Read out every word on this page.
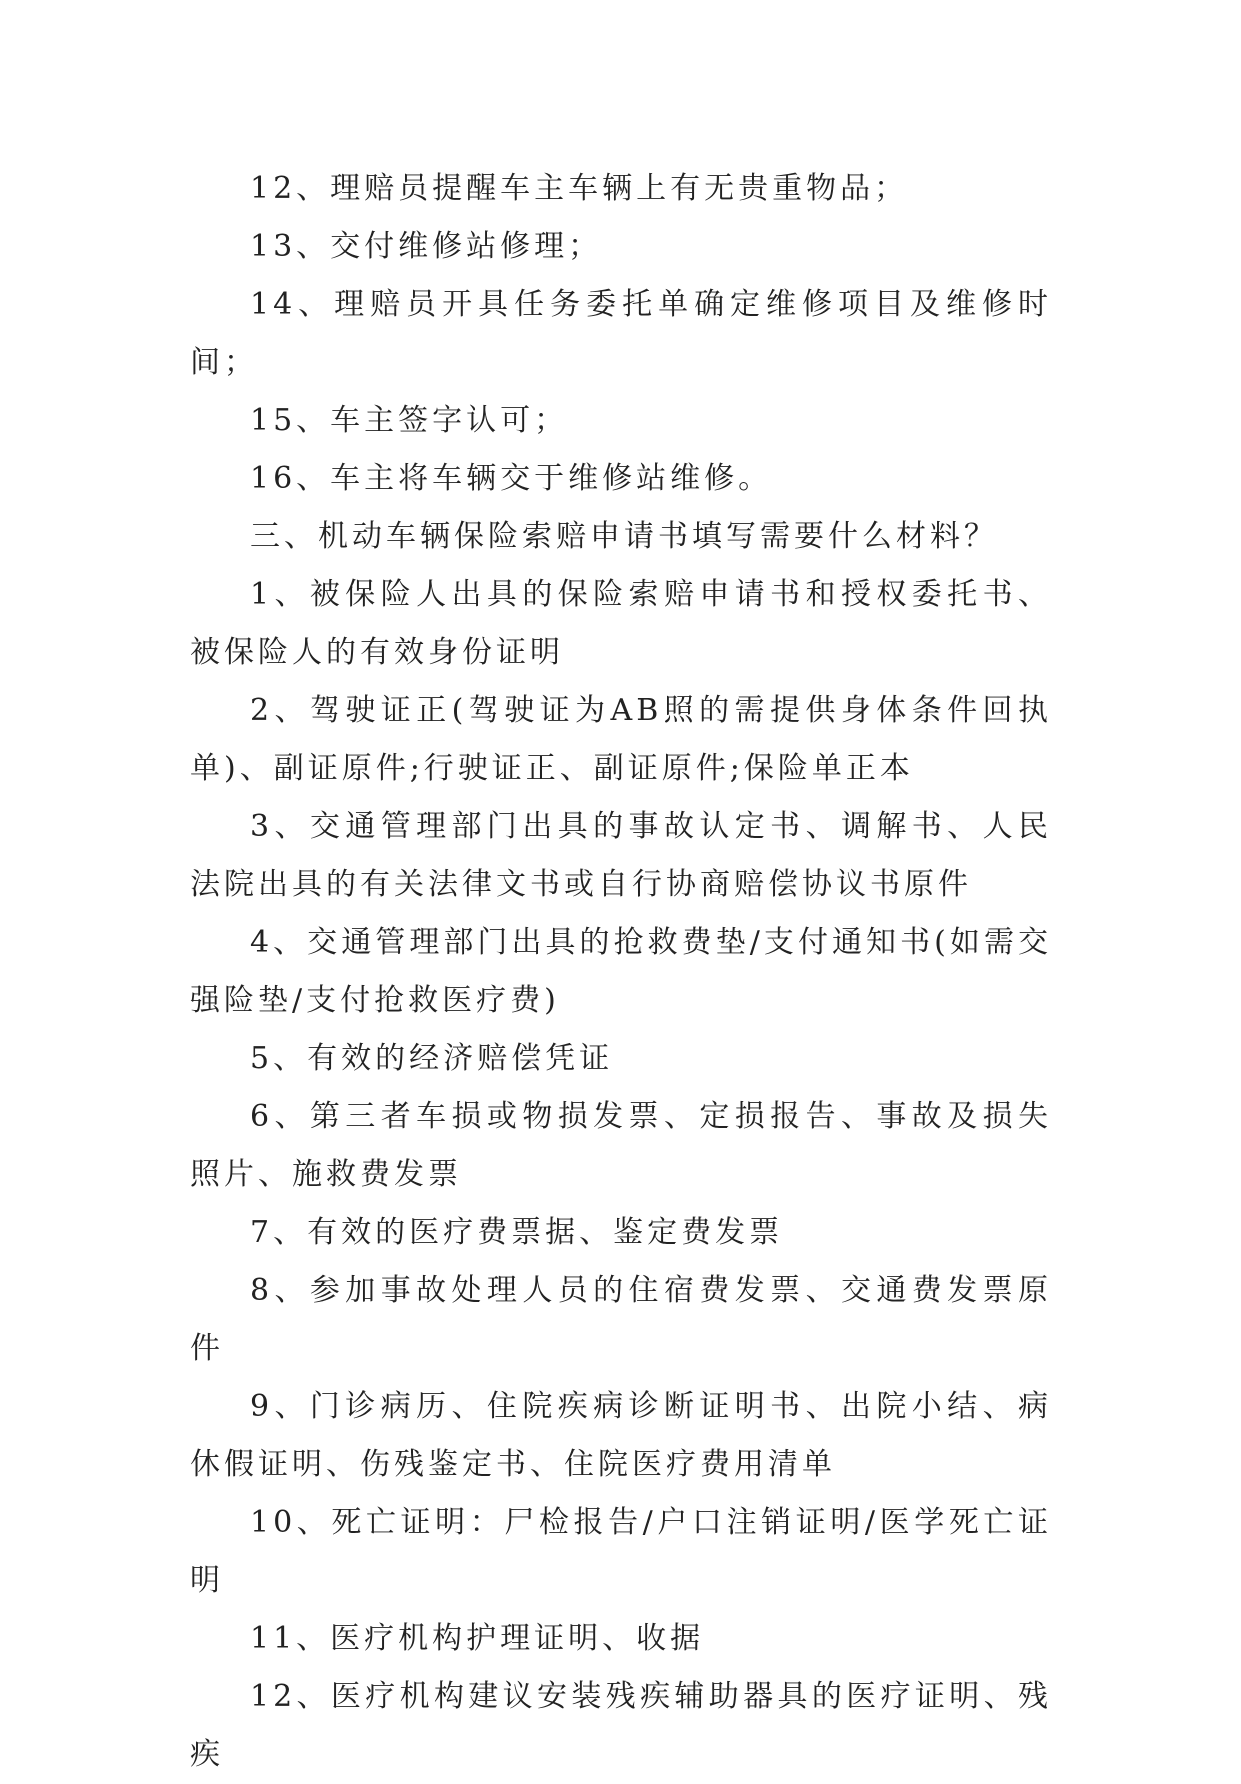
12、理赔员提醒车主车辆上有无贵重物品；

13、交付维修站修理；

14、理赔员开具任务委托单确定维修项目及维修时间；

15、车主签字认可；

16、车主将车辆交于维修站维修。

三、机动车辆保险索赔申请书填写需要什么材料？

1、被保险人出具的保险索赔申请书和授权委托书、被保险人的有效身份证明

2、驾驶证正(驾驶证为AB照的需提供身体条件回执单)、副证原件;行驶证正、副证原件;保险单正本

3、交通管理部门出具的事故认定书、调解书、人民法院出具的有关法律文书或自行协商赔偿协议书原件

4、交通管理部门出具的抢救费垫/支付通知书(如需交强险垫/支付抢救医疗费)

5、有效的经济赔偿凭证

6、第三者车损或物损发票、定损报告、事故及损失照片、施救费发票

7、有效的医疗费票据、鉴定费发票

8、参加事故处理人员的住宿费发票、交通费发票原件

9、门诊病历、住院疾病诊断证明书、出院小结、病休假证明、伤残鉴定书、住院医疗费用清单

10、死亡证明：尸检报告/户口注销证明/医学死亡证明

11、医疗机构护理证明、收据

12、医疗机构建议安装残疾辅助器具的医疗证明、残疾
